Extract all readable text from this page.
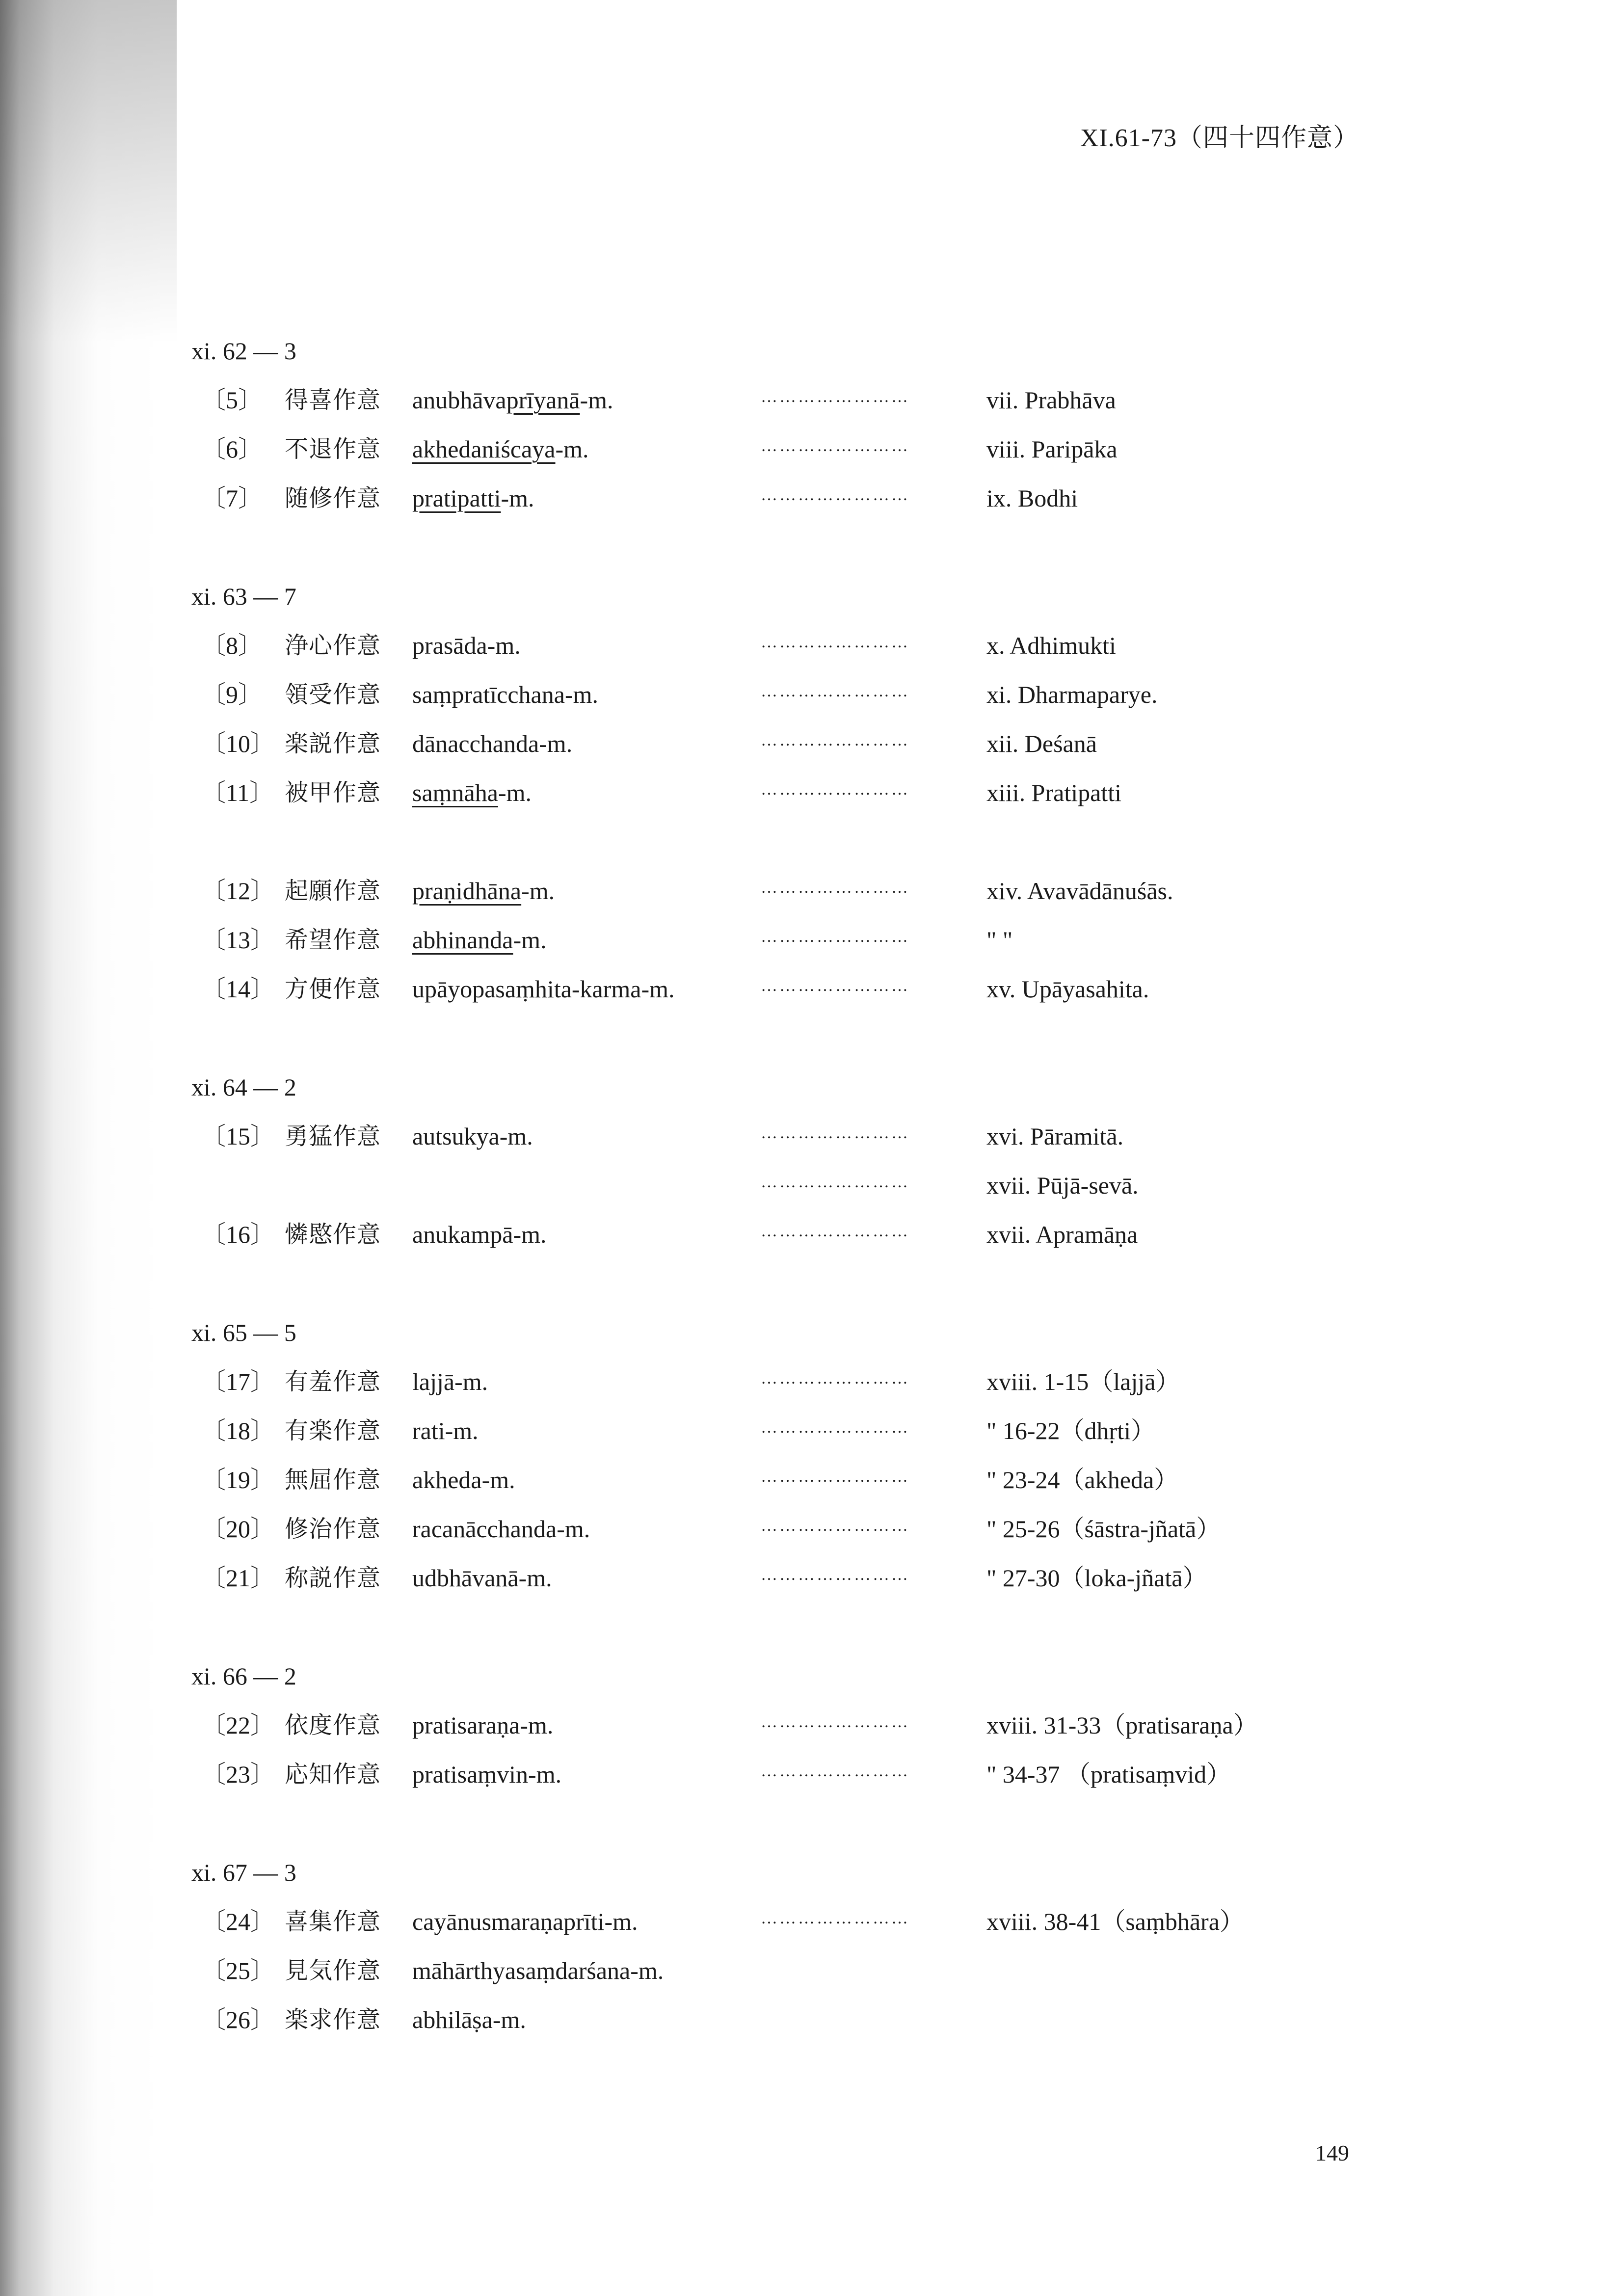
XI.61-73（四十四作意）
xi. 62 — 3
〔5〕 得喜作意 anubhāvaprīyanā-m.	……………………	vii. Prabhāva
〔6〕 不退作意 akhedaniścaya-m.	……………………	viii. Paripāka
〔7〕 随修作意 pratipatti-m.	……………………	ix. Bodhi
xi. 63 — 7
〔8〕 浄心作意 prasāda-m.	……………………	x. Adhimukti
〔9〕 領受作意 saṃpratīcchana-m.	……………………	xi. Dharmaparye.
〔10〕 楽説作意 dānacchanda-m.	……………………	xii. Deśanā
〔11〕 被甲作意 saṃnāha-m.	……………………	xiii. Pratipatti
〔12〕 起願作意 praṇidhāna-m.	……………………	xiv. Avavādānuśās.
〔13〕 希望作意 abhinanda-m.	……………………	" "
〔14〕 方便作意 upāyopasaṃhita-karma-m.	……………………	xv. Upāyasahita.
xi. 64 — 2
〔15〕 勇猛作意 autsukya-m.	……………………	xvi. Pāramitā.
……………………	xvii. Pūjā-sevā.
〔16〕 憐愍作意 anukampā-m.	……………………	xvii. Apramāṇa
xi. 65 — 5
〔17〕 有羞作意 lajjā-m.	……………………	xviii. 1-15（lajjā）
〔18〕 有楽作意 rati-m.	……………………	" 16-22（dhṛti）
〔19〕 無屈作意 akheda-m.	……………………	" 23-24（akheda）
〔20〕 修治作意 racanācchanda-m.	……………………	" 25-26（śāstra-jñatā）
〔21〕 称説作意 udbhāvanā-m.	……………………	" 27-30（loka-jñatā）
xi. 66 — 2
〔22〕 依度作意 pratisaraṇa-m.	……………………	xviii. 31-33（pratisaraṇa）
〔23〕 応知作意 pratisaṃvin-m.	……………………	" 34-37 （pratisaṃvid）
xi. 67 — 3
〔24〕 喜集作意 cayānusmaraṇaprīti-m.	……………………	xviii. 38-41（saṃbhāra）
〔25〕 見気作意 māhārthyasaṃdarśana-m.
〔26〕 楽求作意 abhilāṣa-m.
149
